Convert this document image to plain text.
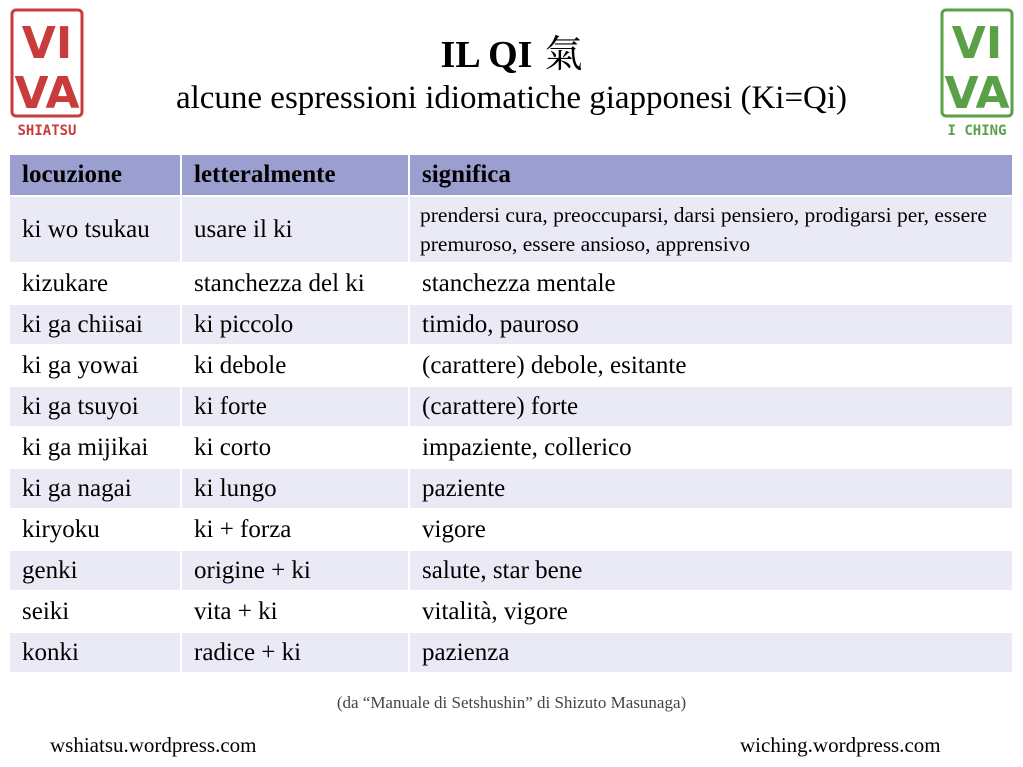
VI
VA
SHIATSU
VI
VA
I CHING
IL QI 氣
alcune espressioni idiomatiche giapponesi (Ki=Qi)
locuzione	letteralmente	significa
ki wo tsukau	usare il ki	prendersi cura, preoccuparsi, darsi pensiero, prodigarsi per, essere premuroso, essere ansioso, apprensivo
kizukare	stanchezza del ki	stanchezza mentale
ki ga chiisai	ki piccolo	timido, pauroso
ki ga yowai	ki debole	(carattere) debole, esitante
ki ga tsuyoi	ki forte	(carattere) forte
ki ga mijikai	ki corto	impaziente, collerico
ki ga nagai	ki lungo	paziente
kiryoku	ki + forza	vigore
genki	origine + ki	salute, star bene
seiki	vita + ki	vitalità, vigore
konki	radice + ki	pazienza
(da “Manuale di Setshushin” di Shizuto Masunaga)
wshiatsu.wordpress.com	wiching.wordpress.com
